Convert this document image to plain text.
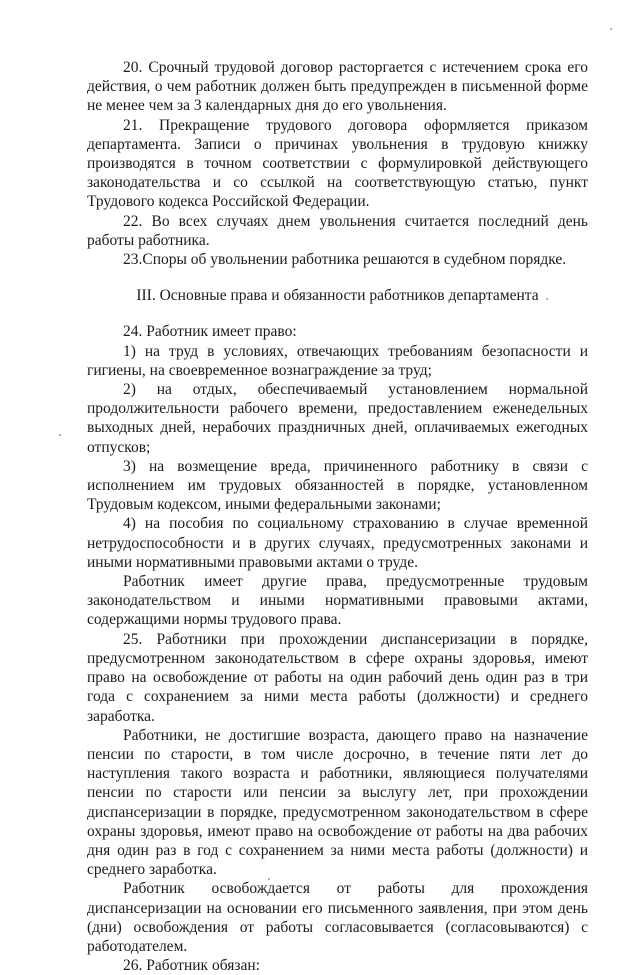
20. Срочный трудовой договор расторгается с истечением срока его действия, о чем работник должен быть предупрежден в письменной форме не менее чем за 3 календарных дня до его увольнения.

21. Прекращение трудового договора оформляется приказом департамента. Записи о причинах увольнения в трудовую книжку производятся в точном соответствии с формулировкой действующего законодательства и со ссылкой на соответствующую статью, пункт Трудового кодекса Российской Федерации.

22. Во всех случаях днем увольнения считается последний день работы работника.

23.Споры об увольнении работника решаются в судебном порядке.

III. Основные права и обязанности работников департамента

24. Работник имеет право:

1) на труд в условиях, отвечающих требованиям безопасности и гигиены, на своевременное вознаграждение за труд;

2) на отдых, обеспечиваемый установлением нормальной продолжительности рабочего времени, предоставлением еженедельных выходных дней, нерабочих праздничных дней, оплачиваемых ежегодных отпусков;

3) на возмещение вреда, причиненного работнику в связи с исполнением им трудовых обязанностей в порядке, установленном Трудовым кодексом, иными федеральными законами;

4) на пособия по социальному страхованию в случае временной нетрудоспособности и в других случаях, предусмотренных законами и иными нормативными правовыми актами о труде.

Работник имеет другие права, предусмотренные трудовым законодательством и иными нормативными правовыми актами, содержащими нормы трудового права.

25. Работники при прохождении диспансеризации в порядке, предусмотренном законодательством в сфере охраны здоровья, имеют право на освобождение от работы на один рабочий день один раз в три года с сохранением за ними места работы (должности) и среднего заработка.

Работники, не достигшие возраста, дающего право на назначение пенсии по старости, в том числе досрочно, в течение пяти лет до наступления такого возраста и работники, являющиеся получателями пенсии по старости или пенсии за выслугу лет, при прохождении диспансеризации в порядке, предусмотренном законодательством в сфере охраны здоровья, имеют право на освобождение от работы на два рабочих дня один раз в год с сохранением за ними места работы (должности) и среднего заработка.

Работник освобождается от работы для прохождения диспансеризации на основании его письменного заявления, при этом день (дни) освобождения от работы согласовывается (согласовываются) с работодателем.

26. Работник обязан:
